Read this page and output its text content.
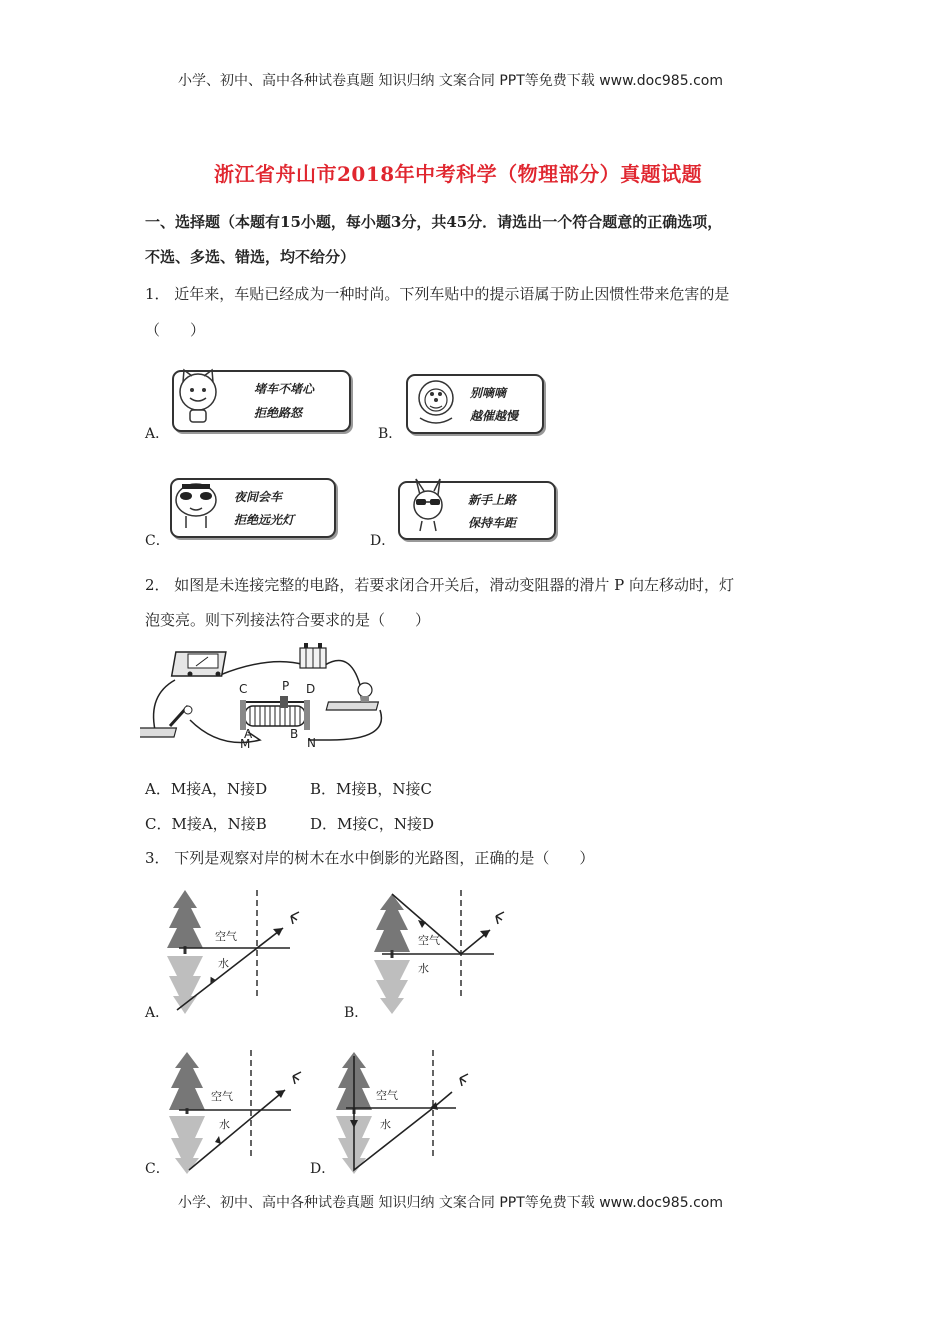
小学、初中、高中各种试卷真题 知识归纳 文案合同 PPT等免费下载 www.doc985.com
小学、初中、高中各种试卷真题 知识归纳 文案合同 PPT等免费下载 www.doc985.com
浙江省舟山市2018年中考科学（物理部分）真题试题
一、选择题（本题有15小题，每小题3分，共45分．请选出一个符合题意的正确选项，
不选、多选、错选，均不给分）
1． 近年来，车贴已经成为一种时尚。下列车贴中的提示语属于防止因惯性带来危害的是
（　　）
A．
堵车不堵心
拒绝路怒
B．
别嘀嘀
越催越慢
C．
夜间会车
拒绝远光灯
D．
新手上路
保持车距
2． 如图是未连接完整的电路，若要求闭合开关后，滑动变阻器的滑片 P 向左移动时，灯
泡变亮。则下列接法符合要求的是（　　）
C	P D
A	B
M	N
A．M接A，N接D	B．M接B，N接C
C．M接A，N接B	D．M接C，N接D
3． 下列是观察对岸的树木在水中倒影的光路图，正确的是（　　）
A．
空气
水
B．
空气
水
C．
空气
水
D．
空气
水
